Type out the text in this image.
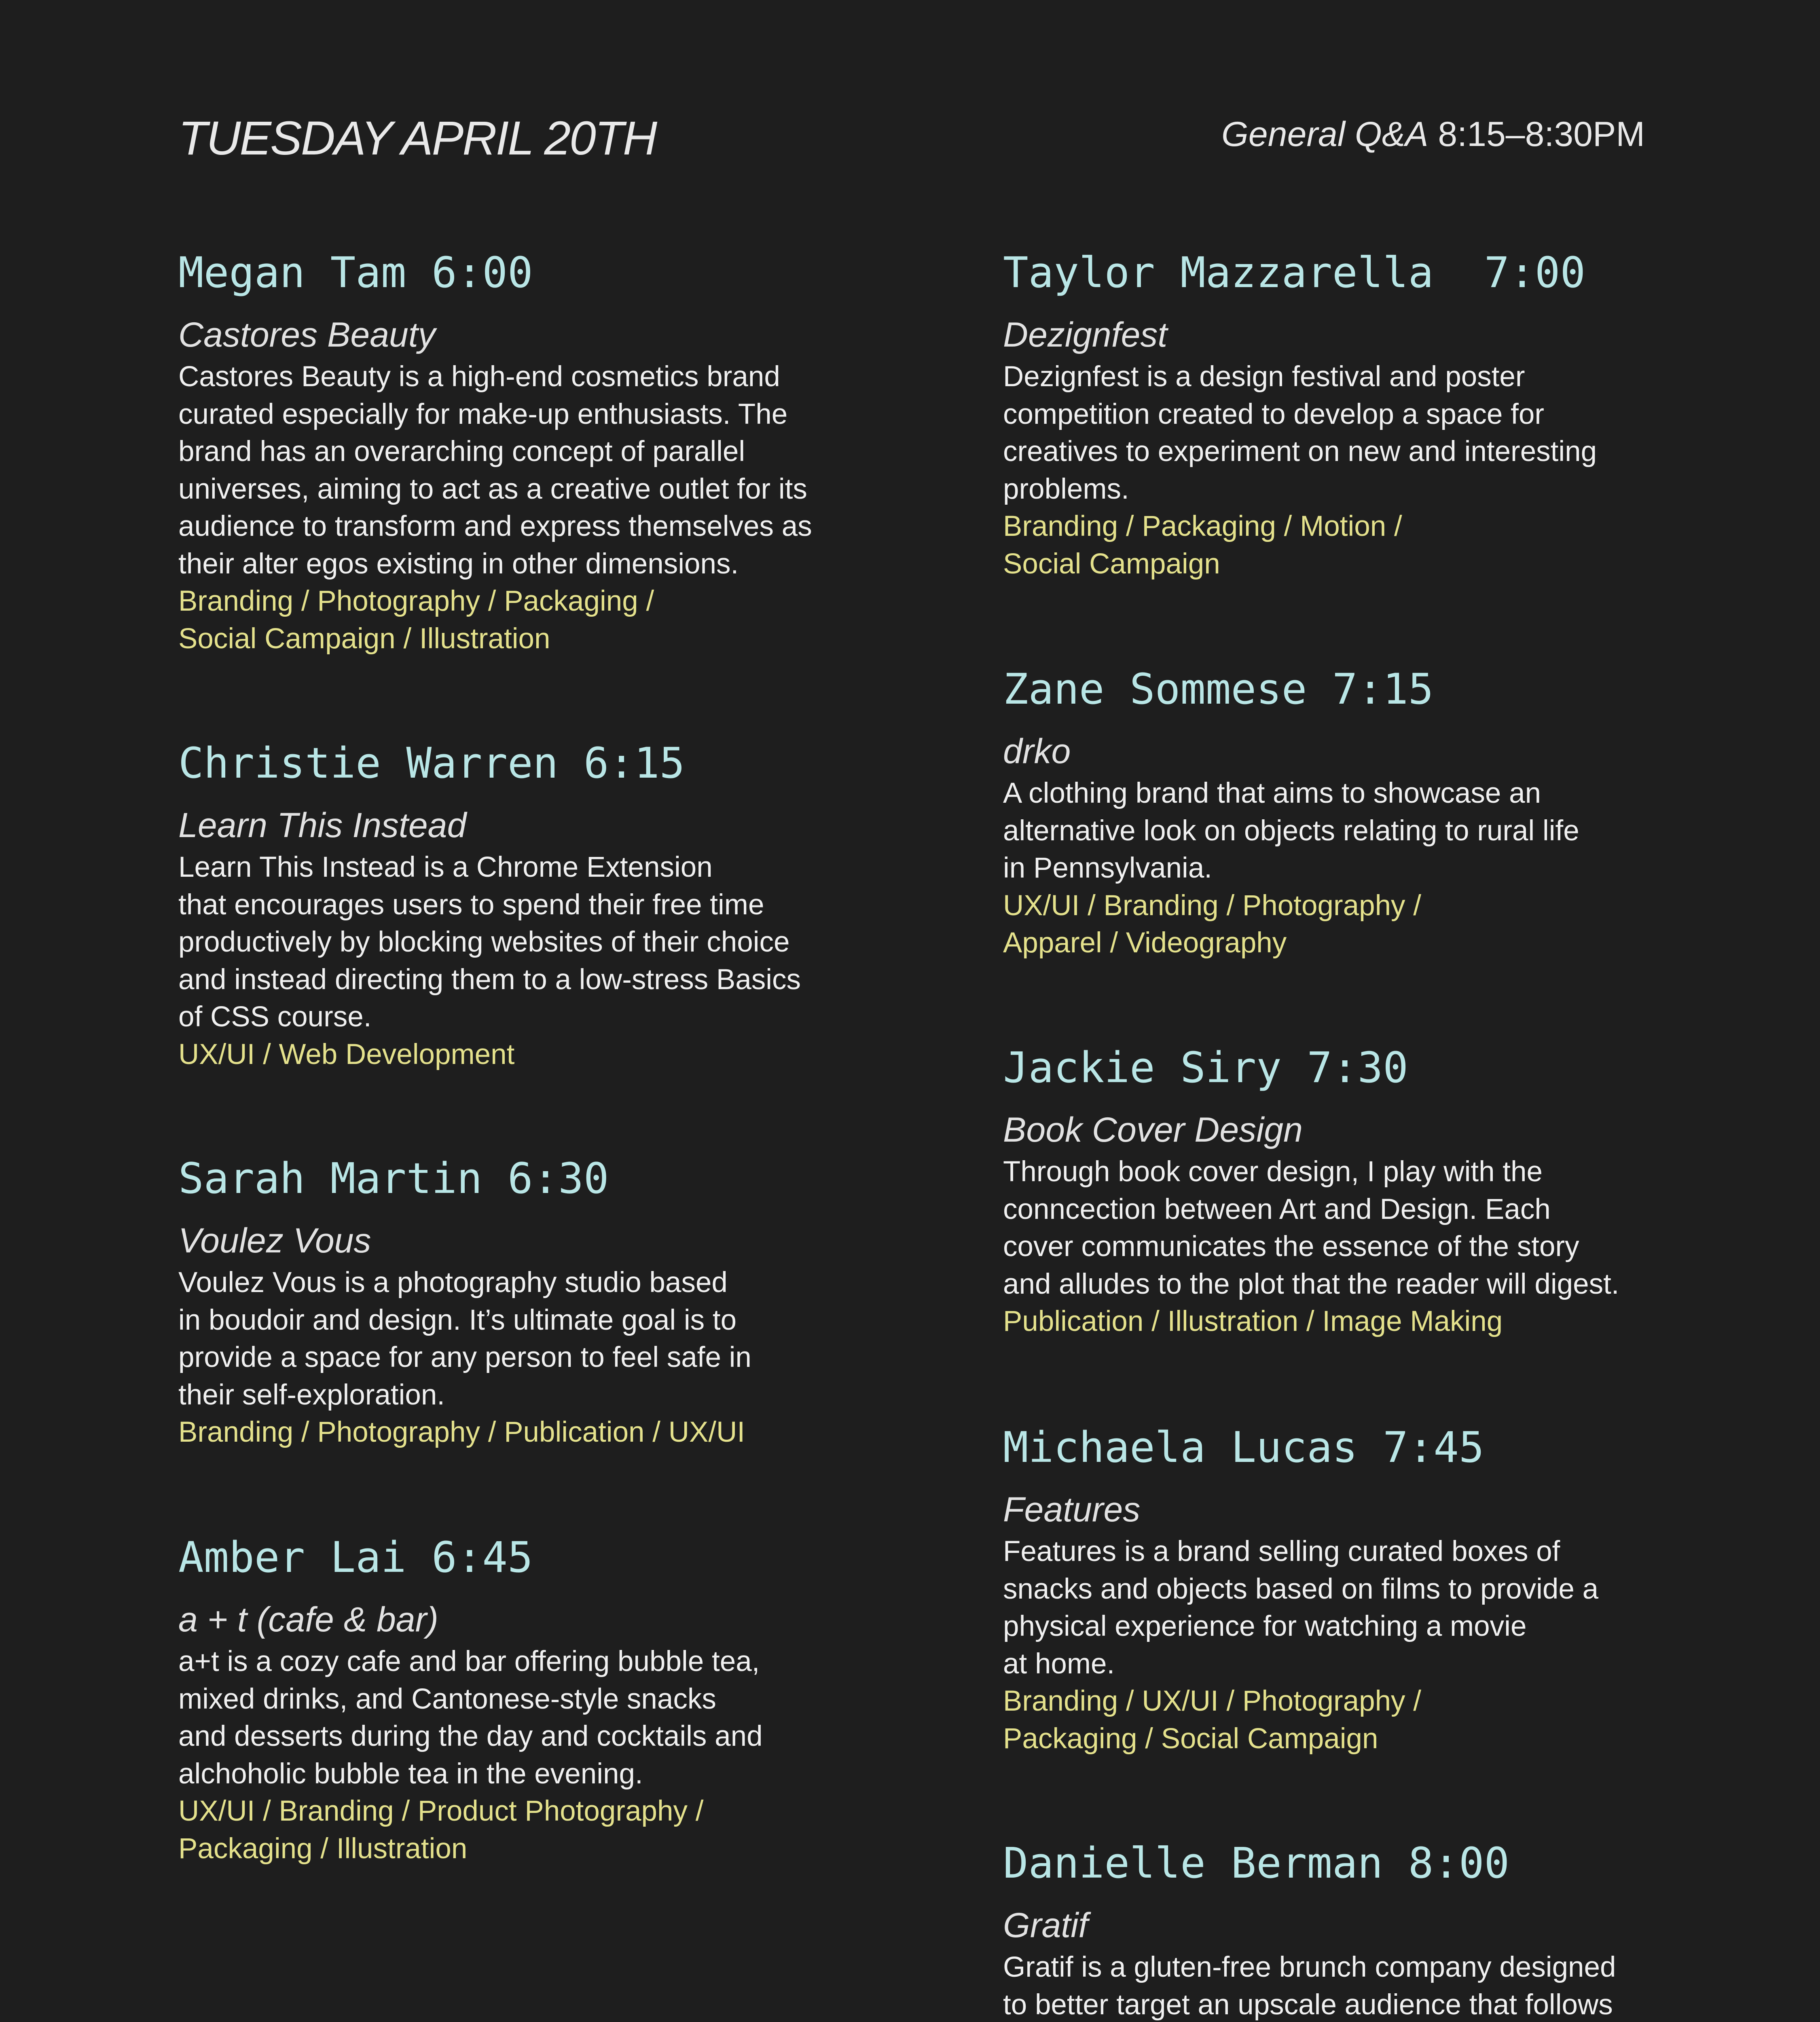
TUESDAY APRIL 20TH	General Q&A 8:15–8:30PM
Megan Tam 6:00
Castores Beauty
Castores Beauty is a high-end cosmetics brand
curated especially for make-up enthusiasts. The
brand has an overarching concept of parallel
universes, aiming to act as a creative outlet for its
audience to transform and express themselves as
their alter egos existing in other dimensions.
Branding / Photography / Packaging /
Social Campaign / Illustration
Christie Warren 6:15
Learn This Instead
Learn This Instead is a Chrome Extension
that encourages users to spend their free time
productively by blocking websites of their choice
and instead directing them to a low-stress Basics
of CSS course.
UX/UI / Web Development
Sarah Martin 6:30
Voulez Vous
Voulez Vous is a photography studio based
in boudoir and design. It’s ultimate goal is to
provide a space for any person to feel safe in
their self-exploration.
Branding / Photography / Publication / UX/UI
Amber Lai 6:45
a + t (cafe & bar)
a+t is a cozy cafe and bar offering bubble tea,
mixed drinks, and Cantonese-style snacks
and desserts during the day and cocktails and
alchoholic bubble tea in the evening.
UX/UI / Branding / Product Photography /
Packaging / Illustration
Taylor Mazzarella  7:00
Dezignfest
Dezignfest is a design festival and poster
competition created to develop a space for
creatives to experiment on new and interesting
problems.
Branding / Packaging / Motion /
Social Campaign
Zane Sommese 7:15
drko
A clothing brand that aims to showcase an
alternative look on objects relating to rural life
in Pennsylvania.
UX/UI / Branding / Photography /
Apparel / Videography
Jackie Siry 7:30
Book Cover Design
Through book cover design, I play with the
conncection between Art and Design. Each
cover communicates the essence of the story
and alludes to the plot that the reader will digest.
Publication / Illustration / Image Making
Michaela Lucas 7:45
Features
Features is a brand selling curated boxes of
snacks and objects based on films to provide a
physical experience for watching a movie
at home.
Branding / UX/UI / Photography /
Packaging / Social Campaign
Danielle Berman 8:00
Gratif
Gratif is a gluten-free brunch company designed
to better target an upscale audience that follows
